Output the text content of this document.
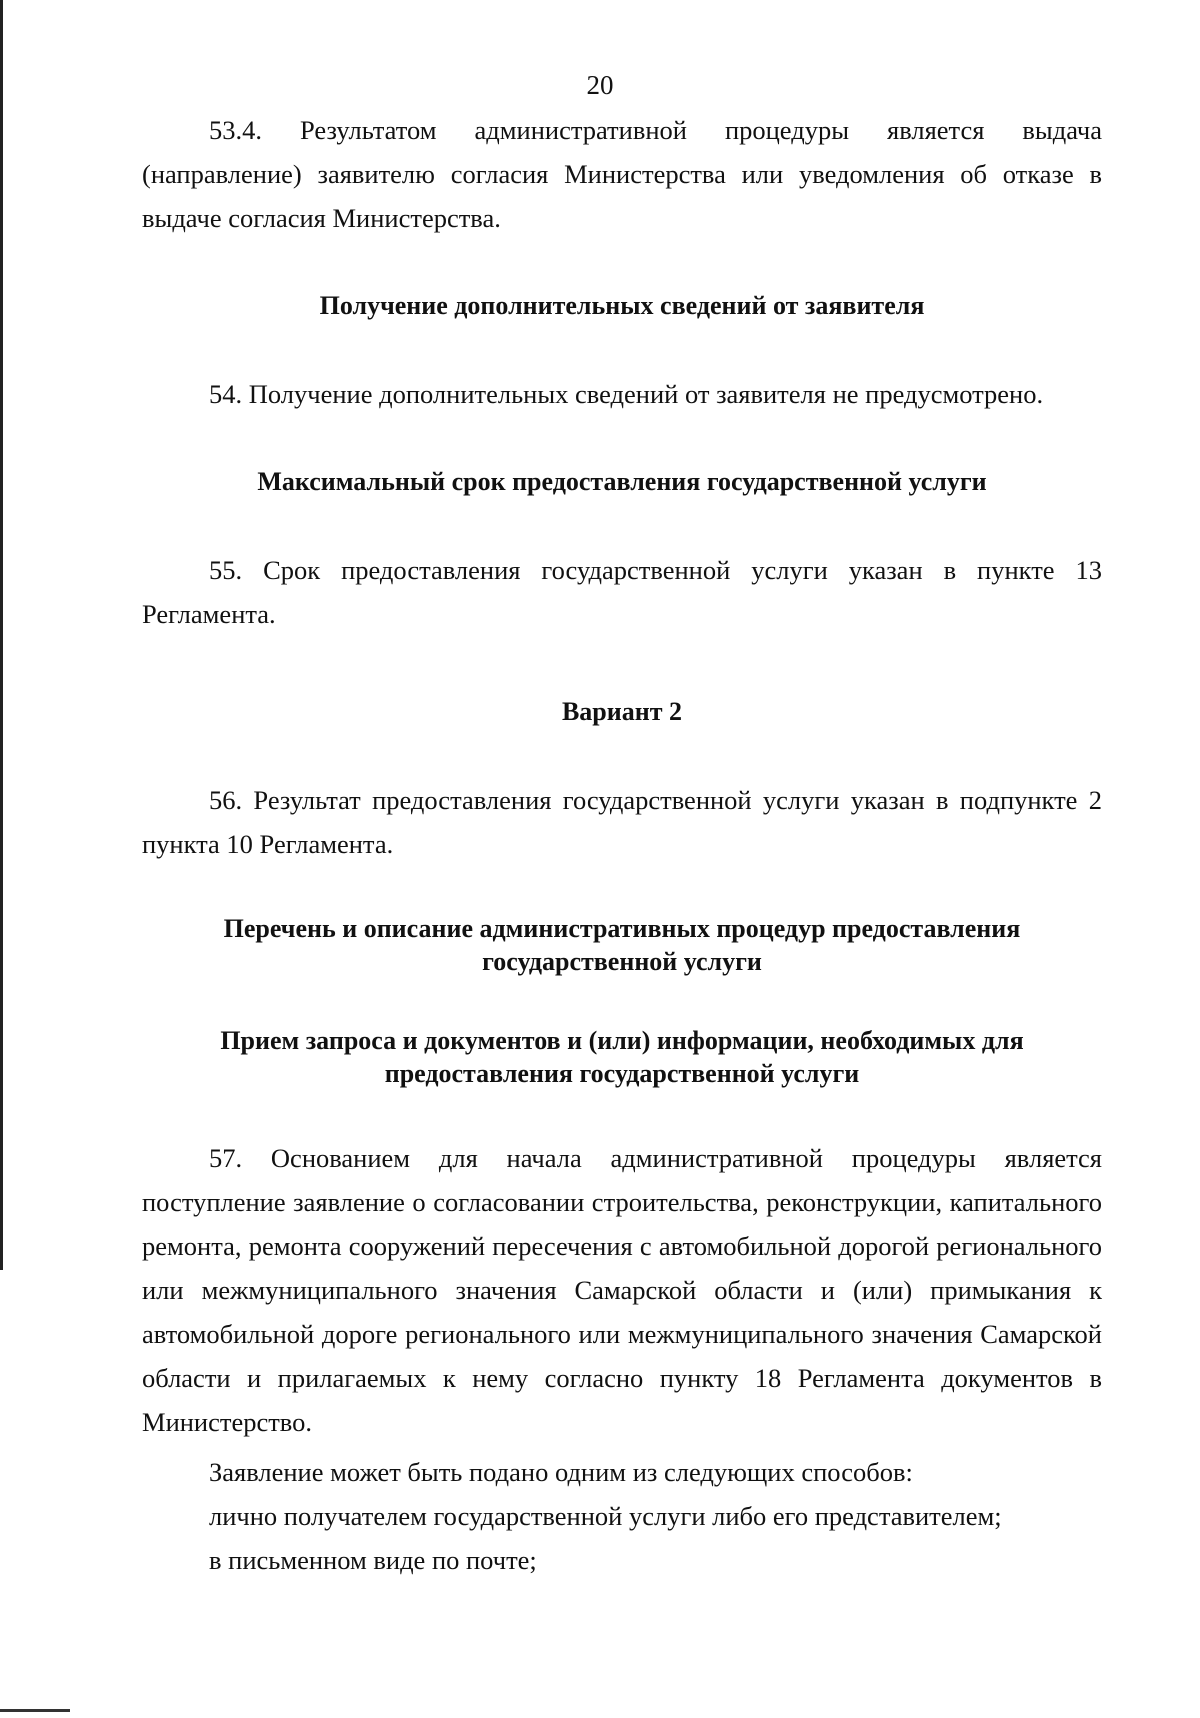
20

53.4. Результатом административной процедуры является выдача (направление) заявителю согласия Министерства или уведомления об отказе в выдаче согласия Министерства.

Получение дополнительных сведений от заявителя

54. Получение дополнительных сведений от заявителя не предусмотрено.

Максимальный срок предоставления государственной услуги

55. Срок предоставления государственной услуги указан в пункте 13 Регламента.

Вариант 2

56. Результат предоставления государственной услуги указан в подпункте 2 пункта 10 Регламента.

Перечень и описание административных процедур предоставления

государственной услуги

Прием запроса и документов и (или) информации, необходимых для

предоставления государственной услуги

57. Основанием для начала административной процедуры является поступление заявление о согласовании строительства, реконструкции, капитального ремонта, ремонта сооружений пересечения с автомобильной дорогой регионального или межмуниципального значения Самарской области и (или) примыкания к автомобильной дороге регионального или межмуниципального значения Самарской области и прилагаемых к нему согласно пункту 18 Регламента документов в Министерство.

Заявление может быть подано одним из следующих способов:

лично получателем государственной услуги либо его представителем;

в письменном виде по почте;
